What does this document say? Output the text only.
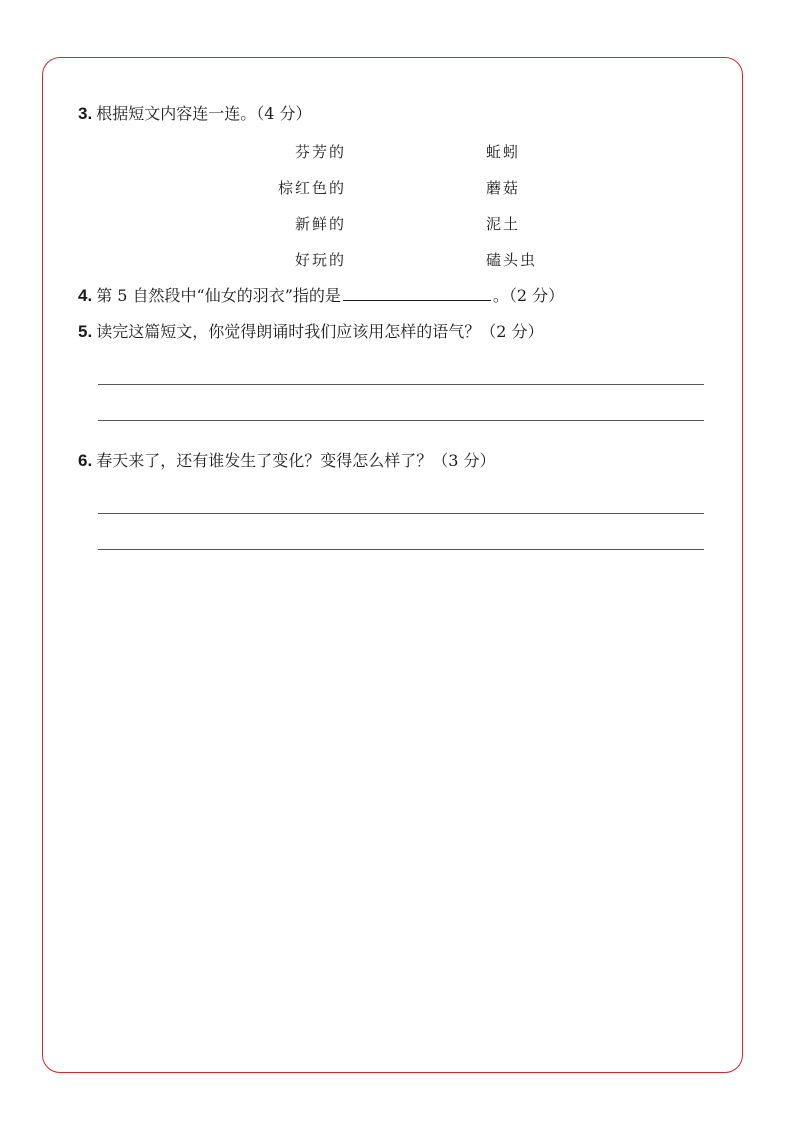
3. 根据短文内容连一连。（4 分）
芬芳的	蚯蚓
棕红色的	蘑菇
新鲜的	泥土
好玩的	磕头虫
4. 第 5 自然段中“仙女的羽衣”指的是	。（2 分）
5. 读完这篇短文，你觉得朗诵时我们应该用怎样的语气？（2 分）
6. 春天来了，还有谁发生了变化？变得怎么样了？（3 分）
